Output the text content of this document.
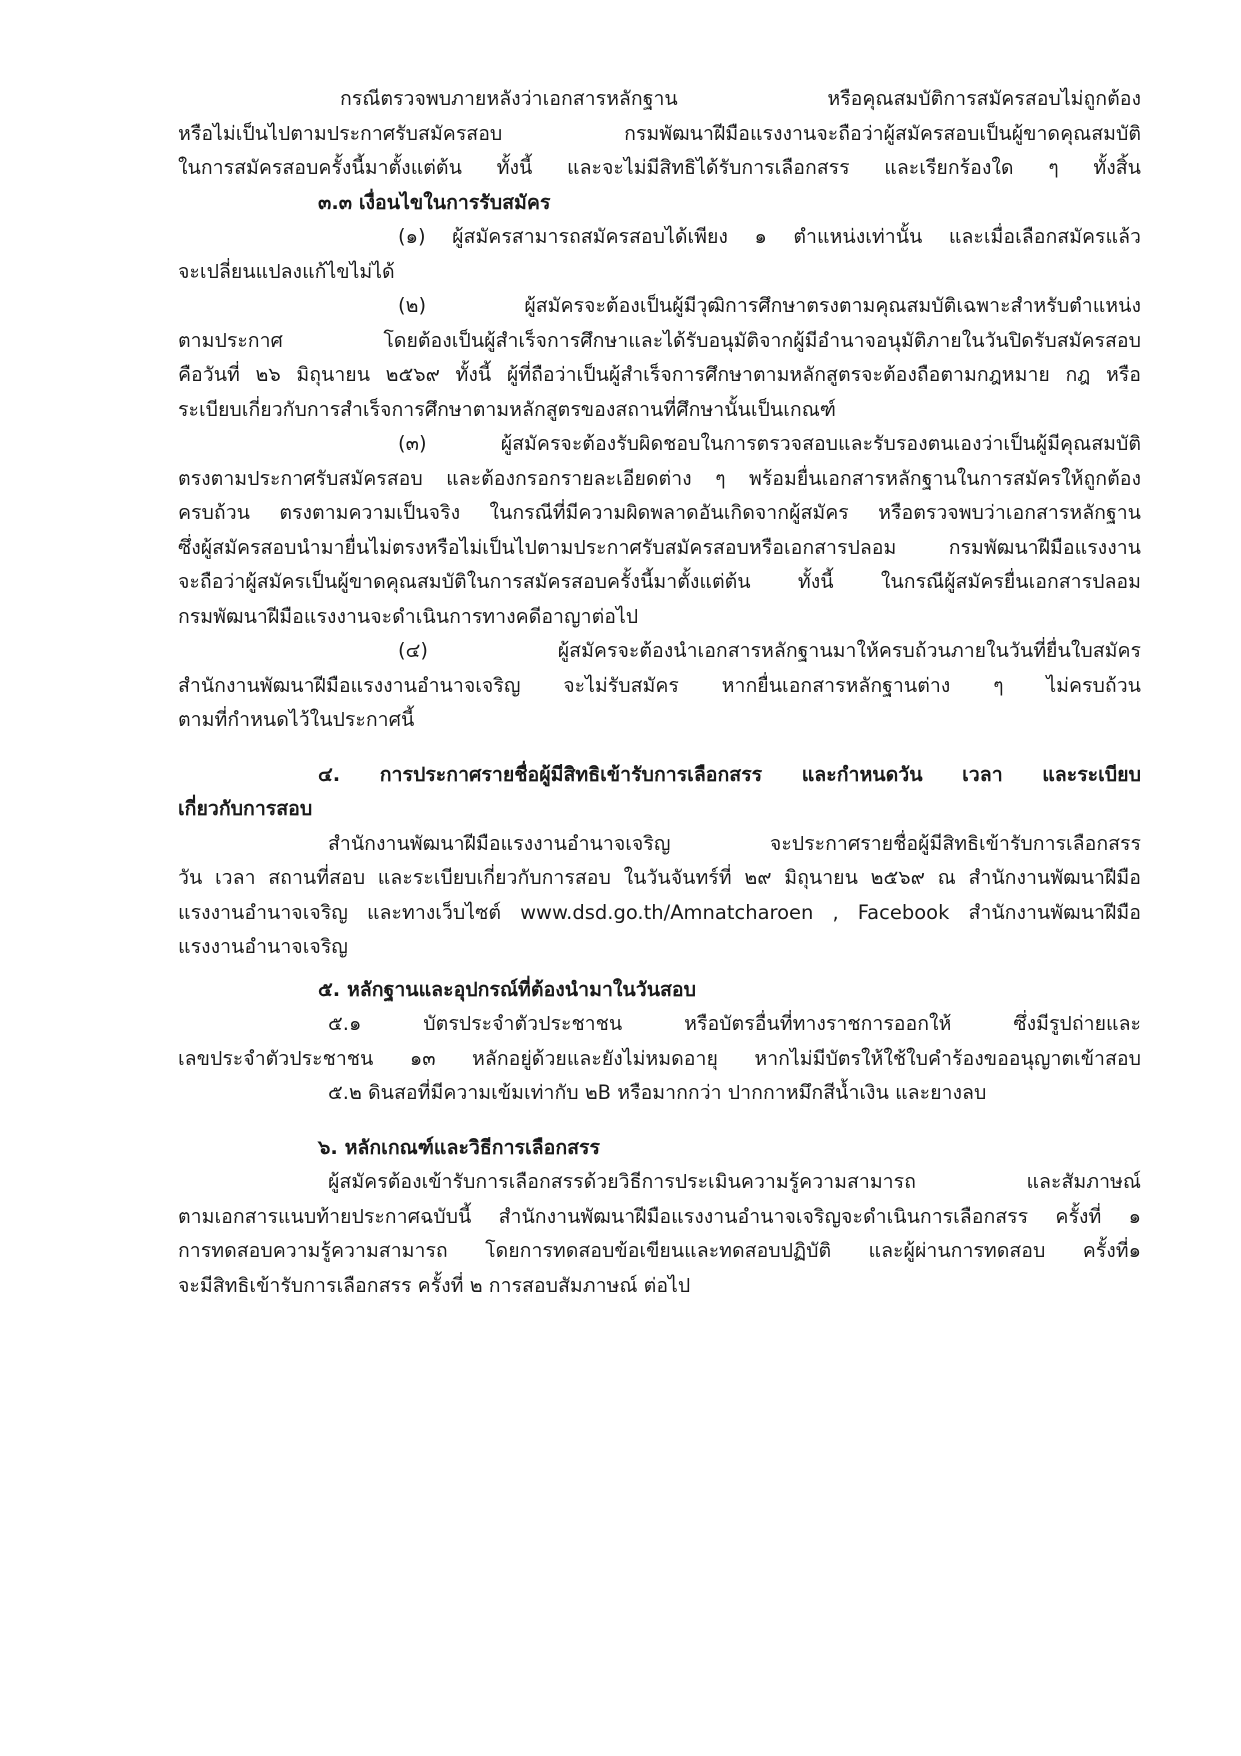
กรณีตรวจพบภายหลังว่าเอกสารหลักฐาน หรือคุณสมบัติการสมัครสอบไม่ถูกต้อง
หรือไม่เป็นไปตามประกาศรับสมัครสอบ กรมพัฒนาฝีมือแรงงานจะถือว่าผู้สมัครสอบเป็นผู้ขาดคุณสมบัติ
ในการสมัครสอบครั้งนี้มาตั้งแต่ต้น ทั้งนี้ และจะไม่มีสิทธิได้รับการเลือกสรร และเรียกร้องใด ๆ ทั้งสิ้น
๓.๓ เงื่อนไขในการรับสมัคร
(๑) ผู้สมัครสามารถสมัครสอบได้เพียง ๑ ตำแหน่งเท่านั้น และเมื่อเลือกสมัครแล้ว
จะเปลี่ยนแปลงแก้ไขไม่ได้
(๒) ผู้สมัครจะต้องเป็นผู้มีวุฒิการศึกษาตรงตามคุณสมบัติเฉพาะสำหรับตำแหน่ง
ตามประกาศ โดยต้องเป็นผู้สำเร็จการศึกษาและได้รับอนุมัติจากผู้มีอำนาจอนุมัติภายในวันปิดรับสมัครสอบ
คือวันที่ ๒๖ มิถุนายน ๒๕๖๙ ทั้งนี้ ผู้ที่ถือว่าเป็นผู้สำเร็จการศึกษาตามหลักสูตรจะต้องถือตามกฎหมาย กฎ หรือ
ระเบียบเกี่ยวกับการสำเร็จการศึกษาตามหลักสูตรของสถานที่ศึกษานั้นเป็นเกณฑ์
(๓) ผู้สมัครจะต้องรับผิดชอบในการตรวจสอบและรับรองตนเองว่าเป็นผู้มีคุณสมบัติ
ตรงตามประกาศรับสมัครสอบ และต้องกรอกรายละเอียดต่าง ๆ พร้อมยื่นเอกสารหลักฐานในการสมัครให้ถูกต้อง
ครบถ้วน ตรงตามความเป็นจริง ในกรณีที่มีความผิดพลาดอันเกิดจากผู้สมัคร หรือตรวจพบว่าเอกสารหลักฐาน
ซึ่งผู้สมัครสอบนำมายื่นไม่ตรงหรือไม่เป็นไปตามประกาศรับสมัครสอบหรือเอกสารปลอม กรมพัฒนาฝีมือแรงงาน
จะถือว่าผู้สมัครเป็นผู้ขาดคุณสมบัติในการสมัครสอบครั้งนี้มาตั้งแต่ต้น ทั้งนี้ ในกรณีผู้สมัครยื่นเอกสารปลอม
กรมพัฒนาฝีมือแรงงานจะดำเนินการทางคดีอาญาต่อไป
(๔) ผู้สมัครจะต้องนำเอกสารหลักฐานมาให้ครบถ้วนภายในวันที่ยื่นใบสมัคร
สำนักงานพัฒนาฝีมือแรงงานอำนาจเจริญ จะไม่รับสมัคร หากยื่นเอกสารหลักฐานต่าง ๆ ไม่ครบถ้วน
ตามที่กำหนดไว้ในประกาศนี้
๔. การประกาศรายชื่อผู้มีสิทธิเข้ารับการเลือกสรร และกำหนดวัน เวลา และระเบียบ
เกี่ยวกับการสอบ
สำนักงานพัฒนาฝีมือแรงงานอำนาจเจริญ จะประกาศรายชื่อผู้มีสิทธิเข้ารับการเลือกสรร
วัน เวลา สถานที่สอบ และระเบียบเกี่ยวกับการสอบ ในวันจันทร์ที่ ๒๙ มิถุนายน ๒๕๖๙ ณ สำนักงานพัฒนาฝีมือ
แรงงานอำนาจเจริญ และทางเว็บไซต์ www.dsd.go.th/Amnatcharoen , Facebook สำนักงานพัฒนาฝีมือ
แรงงานอำนาจเจริญ
๕. หลักฐานและอุปกรณ์ที่ต้องนำมาในวันสอบ
๕.๑ บัตรประจำตัวประชาชน หรือบัตรอื่นที่ทางราชการออกให้ ซึ่งมีรูปถ่ายและ
เลขประจำตัวประชาชน ๑๓ หลักอยู่ด้วยและยังไม่หมดอายุ หากไม่มีบัตรให้ใช้ใบคำร้องขออนุญาตเข้าสอบ
๕.๒ ดินสอที่มีความเข้มเท่ากับ ๒B หรือมากกว่า ปากกาหมึกสีน้ำเงิน และยางลบ
๖. หลักเกณฑ์และวิธีการเลือกสรร
ผู้สมัครต้องเข้ารับการเลือกสรรด้วยวิธีการประเมินความรู้ความสามารถ และสัมภาษณ์
ตามเอกสารแนบท้ายประกาศฉบับนี้ สำนักงานพัฒนาฝีมือแรงงานอำนาจเจริญจะดำเนินการเลือกสรร ครั้งที่ ๑
การทดสอบความรู้ความสามารถ โดยการทดสอบข้อเขียนและทดสอบปฏิบัติ และผู้ผ่านการทดสอบ ครั้งที่๑
จะมีสิทธิเข้ารับการเลือกสรร ครั้งที่ ๒ การสอบสัมภาษณ์ ต่อไป
